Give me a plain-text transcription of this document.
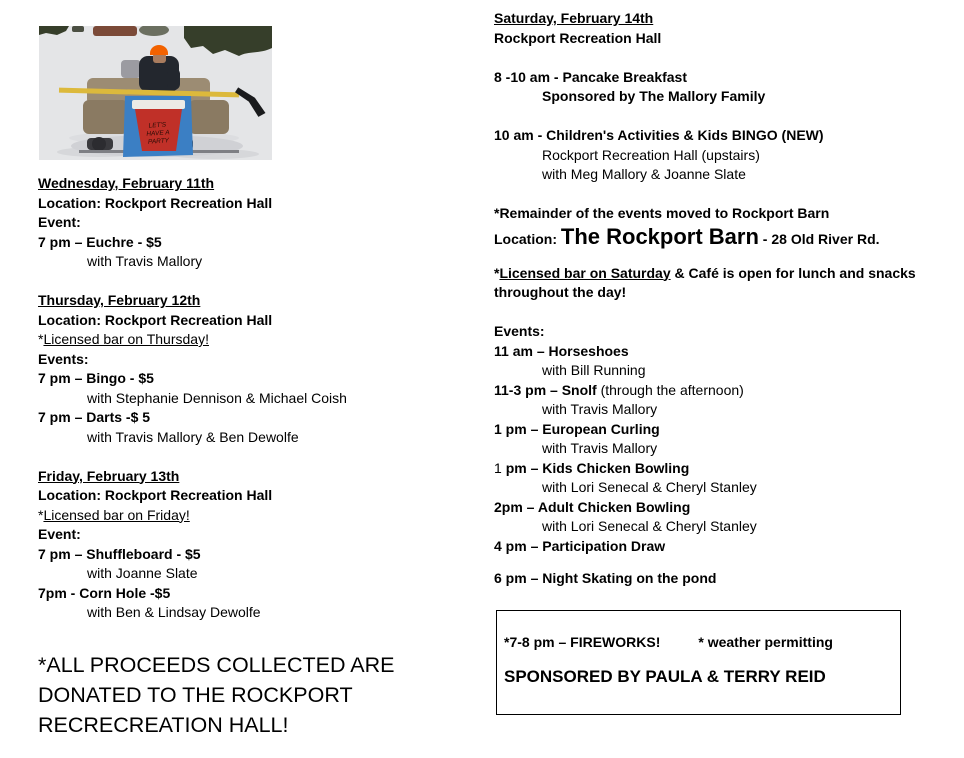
LET'S
HAVE A
PARTY
Wednesday, February 11th
Location: Rockport Recreation Hall
Event:
7 pm – Euchre - $5
with Travis Mallory
Thursday, February 12th
Location: Rockport Recreation Hall
*Licensed bar on Thursday!
Events:
7 pm – Bingo - $5
with Stephanie Dennison & Michael Coish
7 pm – Darts -$ 5
with Travis Mallory & Ben Dewolfe
Friday, February 13th
Location: Rockport Recreation Hall
*Licensed bar on Friday!
Event:
7 pm – Shuffleboard - $5
with Joanne Slate
7pm - Corn Hole -$5
with Ben & Lindsay Dewolfe
*ALL PROCEEDS COLLECTED ARE
DONATED TO THE ROCKPORT
RECRECREATION HALL!
Saturday, February 14th
Rockport Recreation Hall
8 -10 am - Pancake Breakfast
Sponsored by The Mallory Family
10 am - Children's Activities & Kids BINGO (NEW)
Rockport Recreation Hall (upstairs)
with Meg Mallory & Joanne Slate
*Remainder of the events moved to Rockport Barn
Location: The Rockport Barn - 28 Old River Rd.
*Licensed bar on Saturday & Café is open for lunch and snacks
throughout the day!
Events:
11 am – Horseshoes
with Bill Running
11-3 pm – Snolf (through the afternoon)
with Travis Mallory
1 pm – European Curling
with Travis Mallory
1 pm – Kids Chicken Bowling
with Lori Senecal & Cheryl Stanley
2pm – Adult Chicken Bowling
with Lori Senecal & Cheryl Stanley
4 pm – Participation Draw
6 pm – Night Skating on the pond
*7-8 pm – FIREWORKS!	* weather permitting
SPONSORED BY PAULA & TERRY REID
